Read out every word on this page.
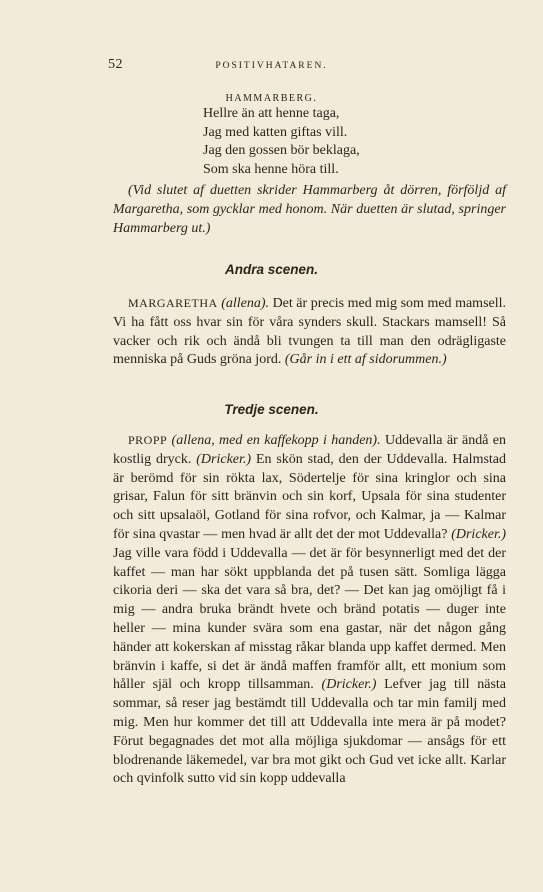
52	POSITIVHATAREN.
HAMMARBERG.
Hellre än att henne taga,
Jag med katten giftas vill.
Jag den gossen bör beklaga,
Som ska henne höra till.
(Vid slutet af duetten skrider Hammarberg åt dörren, förföljd af Margaretha, som gycklar med honom. När duetten är slutad, springer Hammarberg ut.)
Andra scenen.

MARGARETHA (allena). Det är precis med mig som med mamsell. Vi ha fått oss hvar sin för våra synders skull. Stackars mamsell! Så vacker och rik och ändå bli tvungen ta till man den odrägligaste menniska på Guds gröna jord. (Går in i ett af sidorummen.)

Tredje scenen.

PROPP (allena, med en kaffekopp i handen). Uddevalla är ändå en kostlig dryck. (Dricker.) En skön stad, den der Uddevalla. Halmstad är berömd för sin rökta lax, Södertelje för sina kringlor och sina grisar, Falun för sitt bränvin och sin korf, Upsala för sina studenter och sitt upsalaöl, Gotland för sina rofvor, och Kalmar, ja — Kalmar för sina qvastar — men hvad är allt det der mot Uddevalla? (Dricker.) Jag ville vara född i Uddevalla — det är för besynnerligt med det der kaffet — man har sökt uppblanda det på tusen sätt. Somliga lägga cikoria deri — ska det vara så bra, det? — Det kan jag omöjligt få i mig — andra bruka brändt hvete och bränd potatis — duger inte heller — mina kunder svära som ena gastar, när det någon gång händer att kokerskan af misstag råkar blanda upp kaffet dermed. Men bränvin i kaffe, si det är ändå maffen framför allt, ett monium som håller själ och kropp tillsamman. (Dricker.) Lefver jag till nästa sommar, så reser jag bestämdt till Uddevalla och tar min familj med mig. Men hur kommer det till att Uddevalla inte mera är på modet? Förut begagnades det mot alla möjliga sjukdomar — ansågs för ett blodrenande läkemedel, var bra mot gikt och Gud vet icke allt. Karlar och qvinfolk sutto vid sin kopp uddevalla
